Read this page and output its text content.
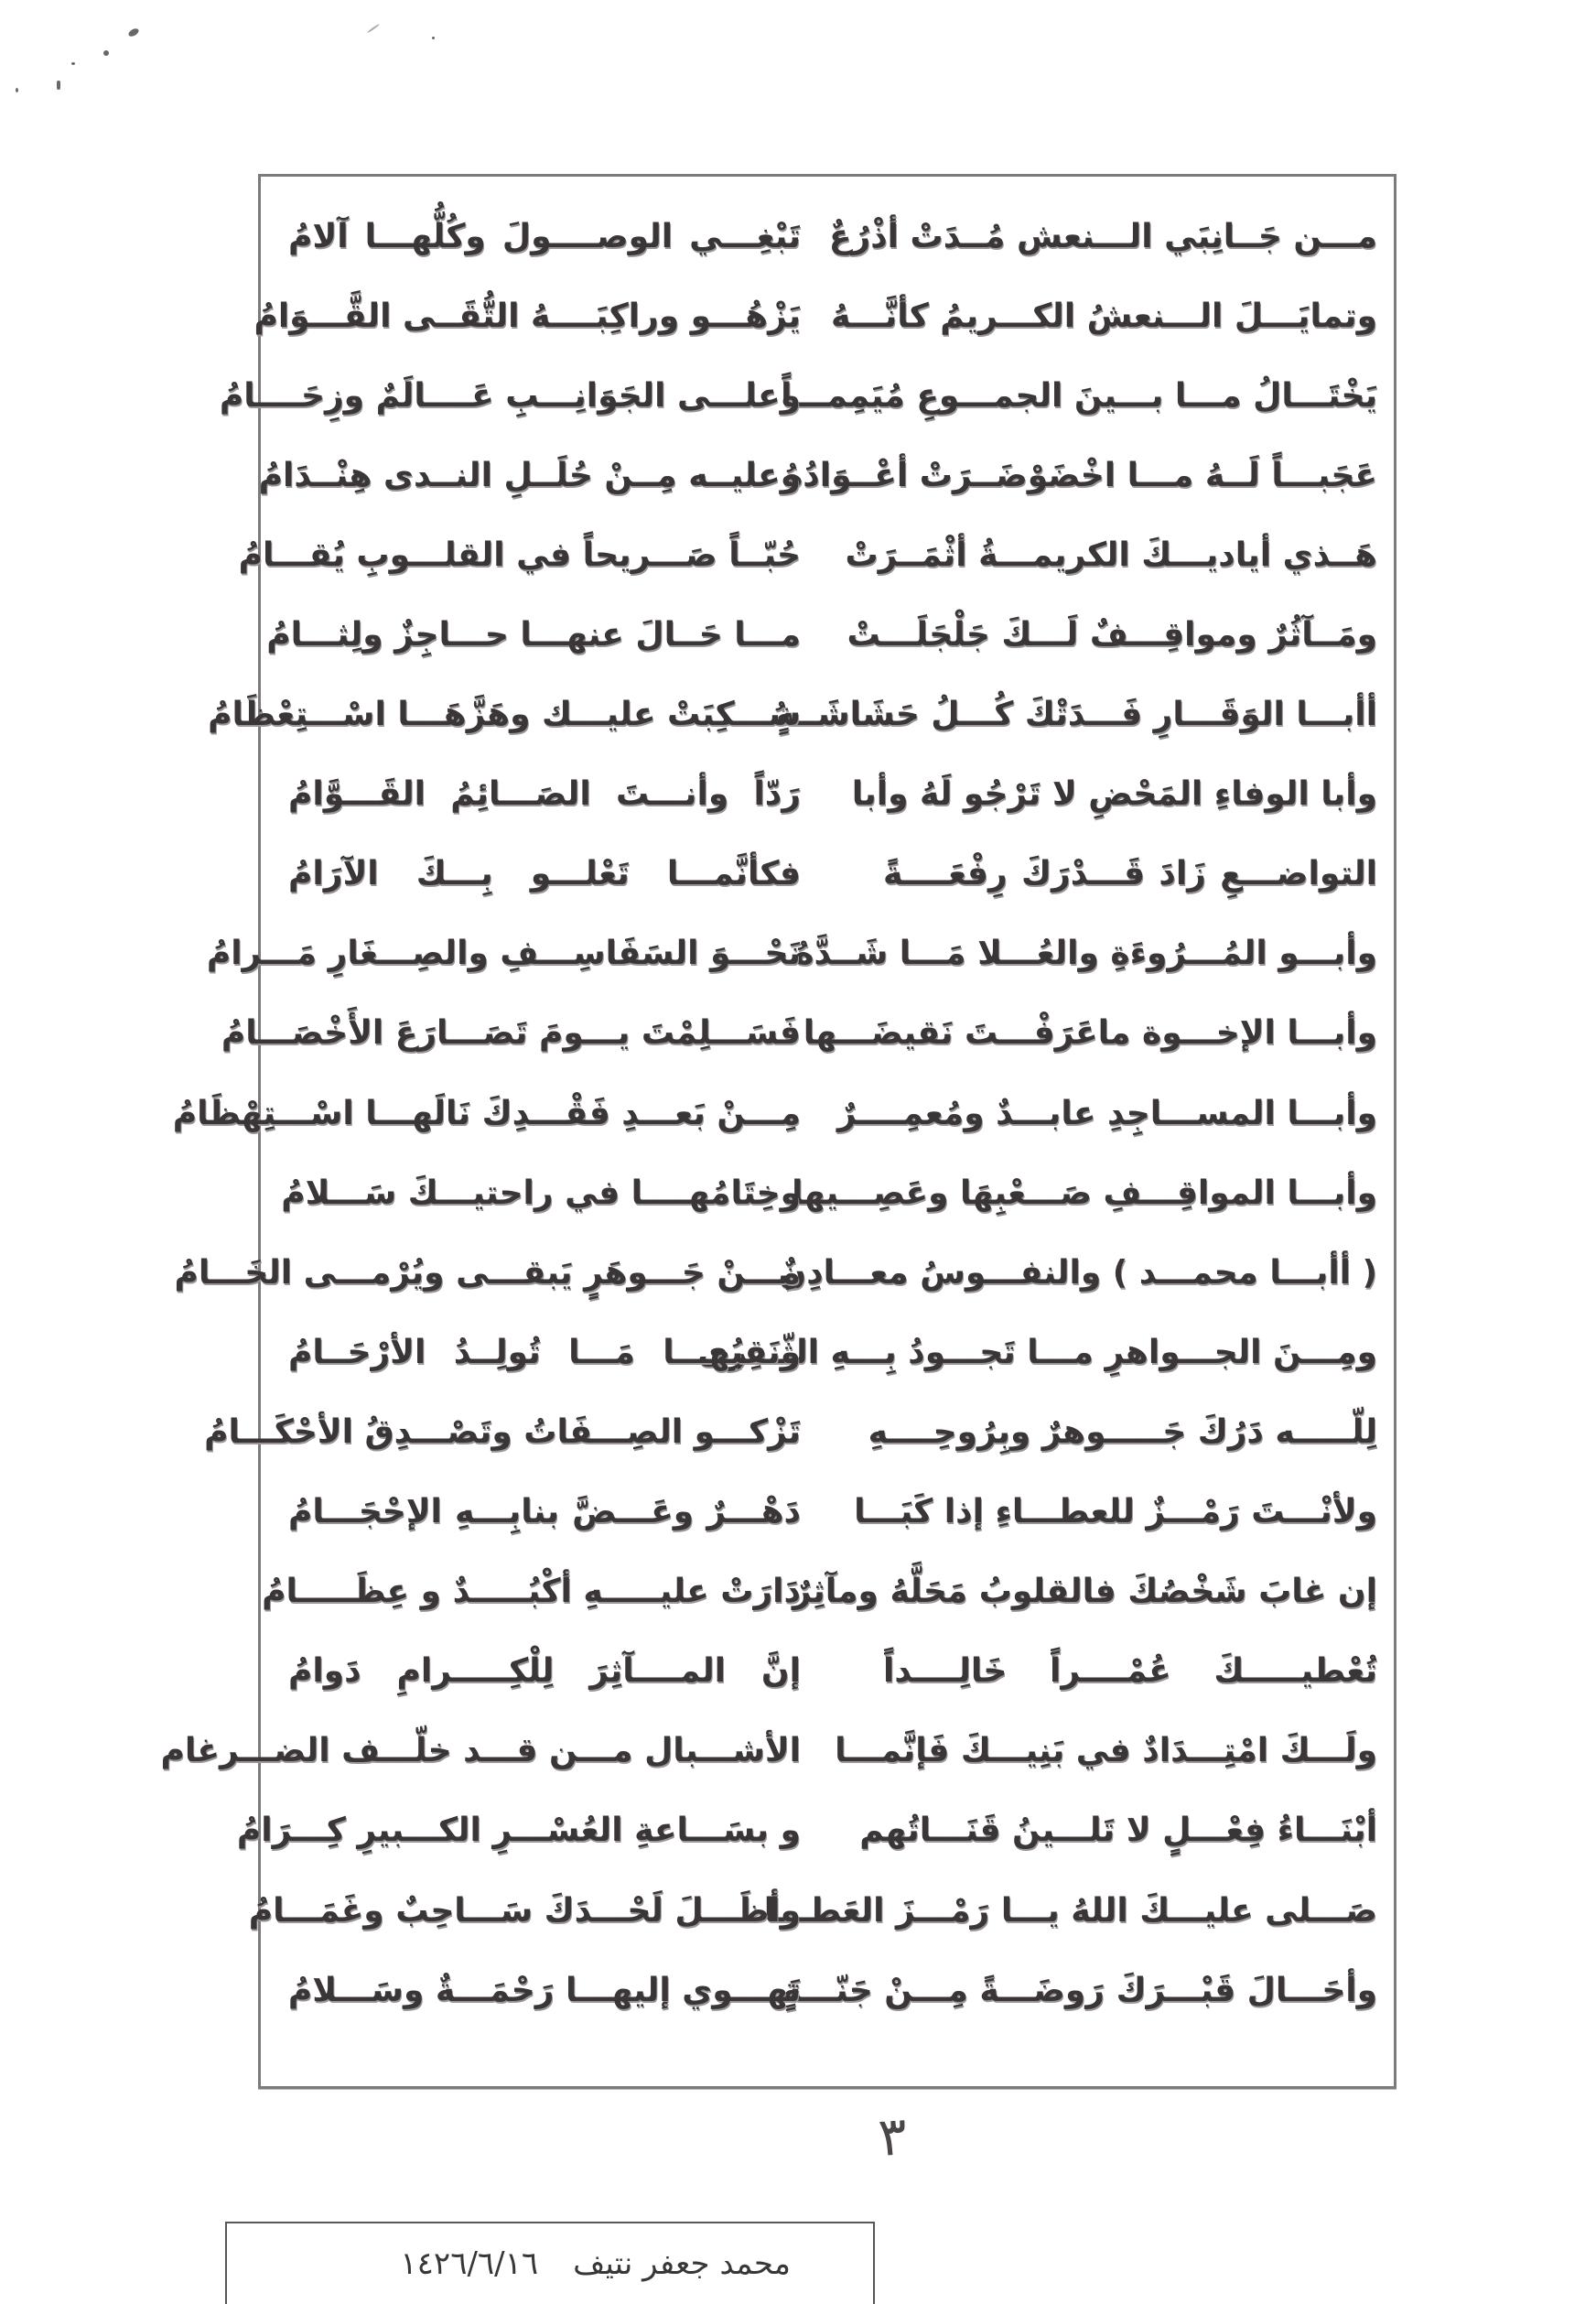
مـــن جَــانِبَي الـــنعش مُــدَتْ أذْرُعٌ
تَبْغِـــي الوصــــولَ وكُلُّهـــا آلامُ
وتمايَـــلَ الـــنعشُ الكـــريمُ كأنَّـــهُ
يَزْهُـــو وراكِبَــــهُ التُّقَــى القَّـــوَامُ
يَخْتَـــالُ مـــا بـــينَ الجمـــوعِ مُيَمِمـــاً
وعلـــى الجَوَانِـــبِ عَــــالَمٌ وزِحَــــامُ
عَجَبـــاً لَــهُ مـــا اخْضَوْضَــرَتْ أعْــوَادُهُ
وعليــه مِــنْ حُلَــلِ النــدى هِنْــدَامُ
هَــذي أياديـــكَ الكريمـــةُ أثْمَــرَتْ
حُبّــاً صَـــريحاً في القلـــوبِ يُقـــامُ
ومَــآثُرٌ ومواقِـــفٌ لَـــكَ جَلْجَلَـــتْ
مـــا حَــالَ عنهـــا حـــاجِزٌ ولِثـــامُ
أأبـــا الوَقَـــارِ فَـــدَتْكَ كُـــلُ حَشَاشَــةٍ
سُـــكِبَتْ عليـــك وهَزَّهَـــا اسْـــتِعْظَامُ
وأبا الوفاءِ المَحْضِ لا تَرْجُو لَهُ وأبا
رَدّاً وأنـــتَ الصَـــائِمُ القَـــوَّامُ
التواضـــعِ زَادَ قَـــدْرَكَ رِفْعَــــةً
فكأنَّمـــا تَعْلـــو بِـــكَ الآرَامُ
وأبـــو المُـــرُوءَةِ والعُـــلا مَـــا شَــدَّهُ
نَحْـــوَ السَفَاسِـــفِ والصِـــغَارِ مَـــرامُ
وأبـــا الإخـــوة ماعَرَفْـــتَ نَقيضَـــها
فَسَـــلِمْتَ يـــومَ تَصَـــارَعَ الأَخْصَـــامُ
وأبـــا المســـاجِدِ عابـــدٌ ومُعمِــــرٌ
مِـــنْ بَعـــدِ فَقْـــدِكَ نَالَهـــا اسْـــتِهْظَامُ
وأبـــا المواقِـــفِ صَـــعْبِهَا وعَصِـــيها
وخِتَامُهــــا في راحتيـــكَ سَـــلامُ
( أأبـــا محمـــد ) والنفـــوسُ معـــادِنٌ
مِـــنْ جَـــوهَرٍ يَبقـــى ويُرْمـــى الخَـــامُ
ومِـــنَ الجـــواهرِ مـــا تَجـــودُ بِـــهِ الثّـــرى
ونَقِيُهـــا مَـــا تُولِــدُ الأرْحَــامُ
لِلّـــــه دَرُكَ جَـــــوهرٌ وبِرُوحِــــهِ
تَزْكـــو الصِـــفَاتُ وتَصْـــدِقُ الأحْكَـــامُ
ولأنْـــتَ رَمْـــزٌ للعطـــاءِ إذا كَبَـــا
دَهْـــرٌ وعَـــضَّ بنابِـــهِ الإحْجَـــامُ
إن غابَ شَخْصُكَ فالقلوبُ مَحَلَّهُ ومآثِرٌ
دَارَتْ عليـــــهِ أكْبُـــــدٌ و عِظَـــــامُ
تُعْطيـــــكَ عُمْــــراً خَالِــــداً
إنَّ المــــآثِرَ لِلْكِـــــرامِ دَوامُ
ولَـــكَ امْتِـــدَادٌ في بَنِيـــكَ فَإنَّمـــا
الأشـــبال مـــن قـــد خلّـــف الضـــرغام
أبْنَـــاءُ فِعْـــلٍ لا تَلـــينُ قَنَـــاتُهم
و بسَـــاعةِ العُسْـــرِ الكـــبيرِ كِـــرَامُ
صَـــلى عليـــكَ اللهُ يـــا رَمْـــزَ العَطـــا
وأظَـــلَ لَحْـــدَكَ سَـــاحِبٌ وغَمَـــامُ
وأحَـــالَ قَبْـــرَكَ رَوضَـــةً مِـــنْ جَنّـــةٍ
تَهـــوي إليهـــا رَحْمَـــةٌ وسَـــلامُ
٣
محمد جعفر نتيف١٤٢٦/٦/١٦
